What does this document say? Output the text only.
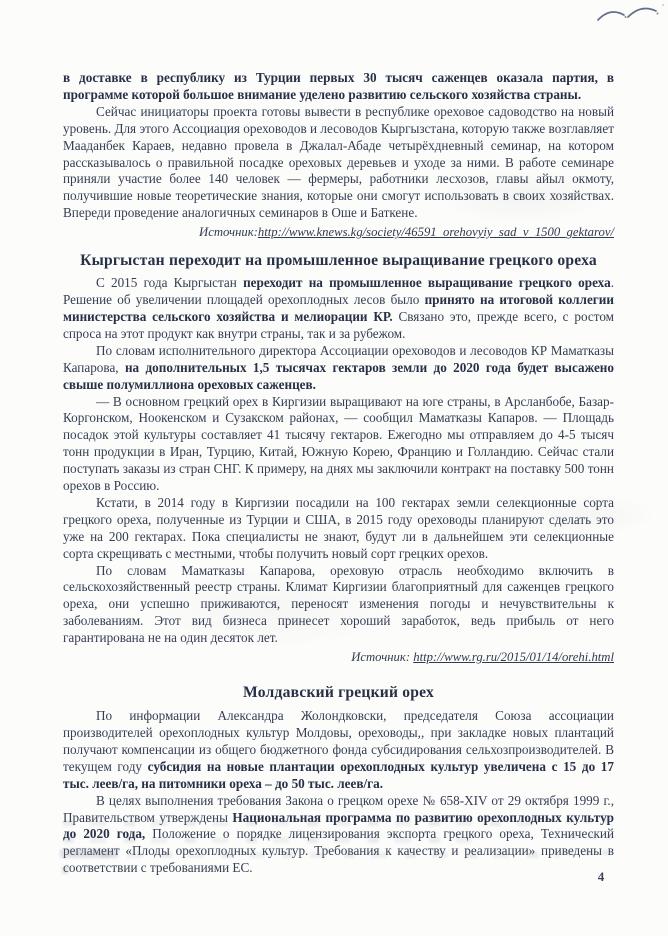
в доставке в республику из Турции первых 30 тысяч саженцев оказала партия, в программе которой большое внимание уделено развитию сельского хозяйства страны.

Сейчас инициаторы проекта готовы вывести в республике ореховое садоводство на новый уровень. Для этого Ассоциация ореховодов и лесоводов Кыргызстана, которую также возглавляет Мааданбек Караев, недавно провела в Джалал-Абаде четырёхдневный семинар, на котором рассказывалось о правильной посадке ореховых деревьев и уходе за ними. В работе семинаре приняли участие более 140 человек — фермеры, работники лесхозов, главы айыл окмоту, получившие новые теоретические знания, которые они смогут использовать в своих хозяйствах. Впереди проведение аналогичных семинаров в Оше и Баткене.

Источник:http://www.knews.kg/society/46591_orehovyiy_sad_v_1500_gektarov/

Кыргыстан переходит на промышленное выращивание грецкого ореха

С 2015 года Кыргыстан переходит на промышленное выращивание грецкого ореха. Решение об увеличении площадей орехоплодных лесов было принято на итоговой коллегии министерства сельского хозяйства и мелиорации КР. Связано это, прежде всего, с ростом спроса на этот продукт как внутри страны, так и за рубежом.

По словам исполнительного директора Ассоциации ореховодов и лесоводов КР Маматказы Капарова, на дополнительных 1,5 тысячах гектаров земли до 2020 года будет высажено свыше полумиллиона ореховых саженцев.

— В основном грецкий орех в Киргизии выращивают на юге страны, в Арсланбобе, Базар-Коргонском, Ноокенском и Сузакском районах, — сообщил Маматказы Капаров. — Площадь посадок этой культуры составляет 41 тысячу гектаров. Ежегодно мы отправляем до 4-5 тысяч тонн продукции в Иран, Турцию, Китай, Южную Корею, Францию и Голландию. Сейчас стали поступать заказы из стран СНГ. К примеру, на днях мы заключили контракт на поставку 500 тонн орехов в Россию.

Кстати, в 2014 году в Киргизии посадили на 100 гектарах земли селекционные сорта грецкого ореха, полученные из Турции и США, в 2015 году ореховоды планируют сделать это уже на 200 гектарах. Пока специалисты не знают, будут ли в дальнейшем эти селекционные сорта скрещивать с местными, чтобы получить новый сорт грецких орехов.

По словам Маматказы Капарова, ореховую отрасль необходимо включить в сельскохозяйственный реестр страны. Климат Киргизии благоприятный для саженцев грецкого ореха, они успешно приживаются, переносят изменения погоды и нечувствительны к заболеваниям. Этот вид бизнеса принесет хороший заработок, ведь прибыль от него гарантирована не на один десяток лет.

Источник: http://www.rg.ru/2015/01/14/orehi.html

Молдавский грецкий орех

По информации Александра Жолондковски, председателя Союза ассоциации производителей орехоплодных культур Молдовы, ореховоды,, при закладке новых плантаций получают компенсации из общего бюджетного фонда субсидирования сельхозпроизводителей. В текущем году субсидия на новые плантации орехоплодных культур увеличена с 15 до 17 тыс. леев/га, на питомники ореха – до 50 тыс. леев/га.

В целях выполнения требования Закона о грецком орехе № 658-XIV от 29 октября 1999 г., Правительством утверждены Национальная программа по развитию орехоплодных культур до 2020 года, Положение о порядке лицензирования экспорта грецкого ореха, Технический регламент «Плоды орехоплодных культур. Требования к качеству и реализации» приведены в соответствии с требованиями ЕС.

4
